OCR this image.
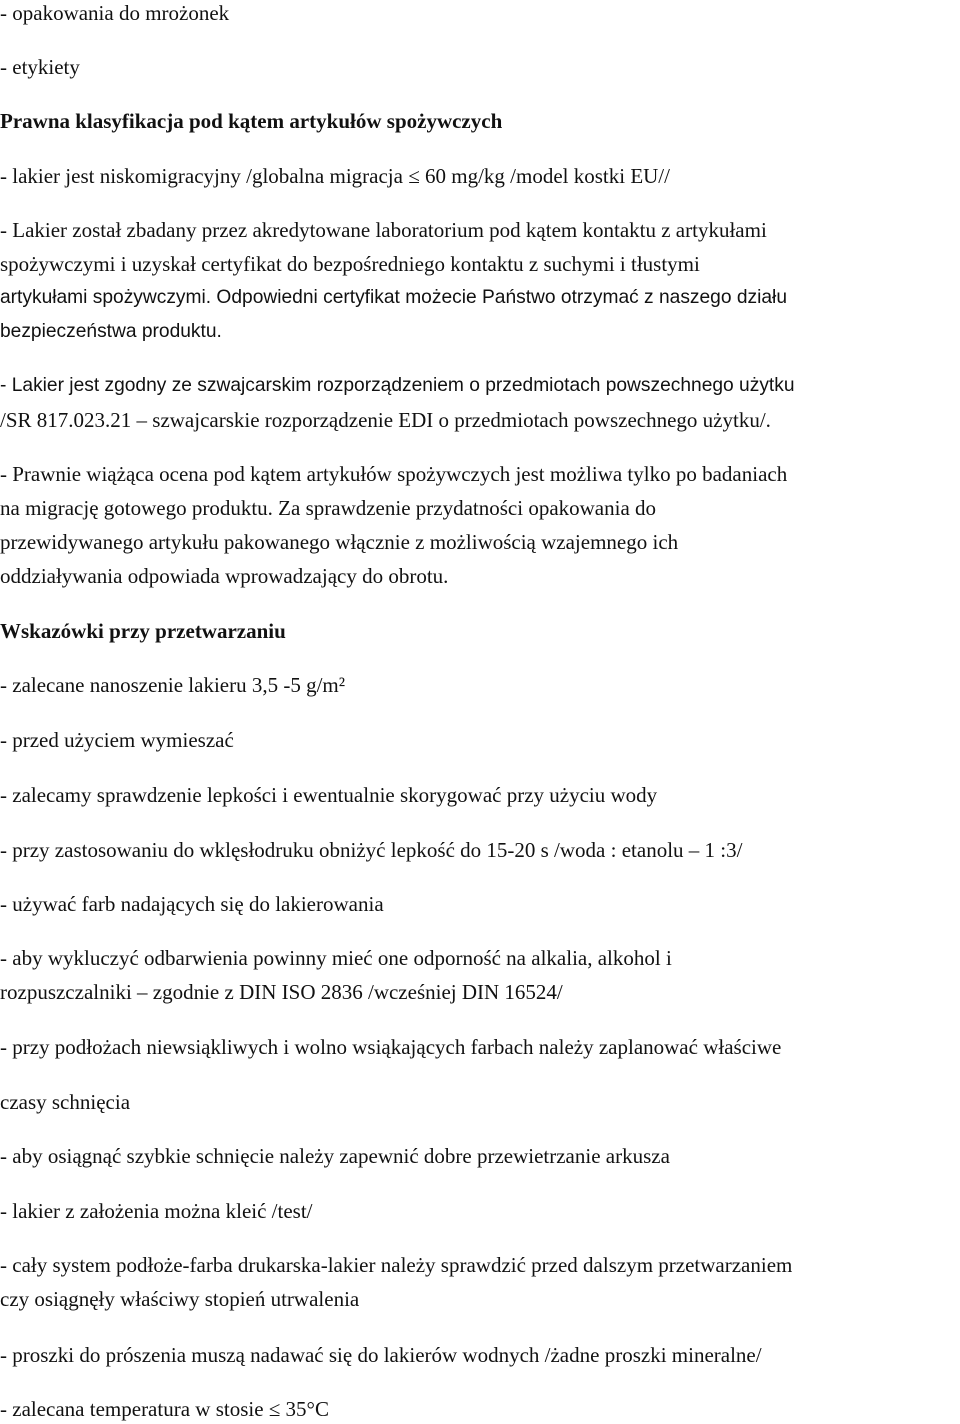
- opakowania do mrożonek

- etykiety

Prawna klasyfikacja pod kątem artykułów spożywczych

- lakier jest niskomigracyjny /globalna migracja ≤ 60 mg/kg /model kostki EU//

- Lakier został zbadany przez akredytowane laboratorium pod kątem kontaktu z artykułami

spożywczymi i uzyskał certyfikat do bezpośredniego kontaktu z suchymi i tłustymi

artykułami spożywczymi. Odpowiedni certyfikat możecie Państwo otrzymać z naszego działu

bezpieczeństwa produktu.

- Lakier jest zgodny ze szwajcarskim rozporządzeniem o przedmiotach powszechnego użytku

/SR 817.023.21 – szwajcarskie rozporządzenie EDI o przedmiotach powszechnego użytku/.

- Prawnie wiążąca ocena pod kątem artykułów spożywczych jest możliwa tylko po badaniach

na migrację gotowego produktu. Za sprawdzenie przydatności opakowania do

przewidywanego artykułu pakowanego włącznie z możliwością wzajemnego ich

oddziaływania odpowiada wprowadzający do obrotu.

Wskazówki przy przetwarzaniu

- zalecane nanoszenie lakieru 3,5 -5 g/m²

- przed użyciem wymieszać

- zalecamy sprawdzenie lepkości i ewentualnie skorygować przy użyciu wody

- przy zastosowaniu do wklęsłodruku obniżyć lepkość do 15-20 s /woda : etanolu – 1 :3/

- używać farb nadających się do lakierowania

- aby wykluczyć odbarwienia powinny mieć one odporność na alkalia, alkohol i

rozpuszczalniki – zgodnie z DIN ISO 2836 /wcześniej DIN 16524/

- przy podłożach niewsiąkliwych i wolno wsiąkających farbach należy zaplanować właściwe

czasy schnięcia

- aby osiągnąć szybkie schnięcie należy zapewnić dobre przewietrzanie arkusza

- lakier z założenia można kleić /test/

- cały system podłoże-farba drukarska-lakier należy sprawdzić przed dalszym przetwarzaniem

czy osiągnęły właściwy stopień utrwalenia

- proszki do prószenia muszą nadawać się do lakierów wodnych /żadne proszki mineralne/

- zalecana temperatura w stosie ≤ 35°C
